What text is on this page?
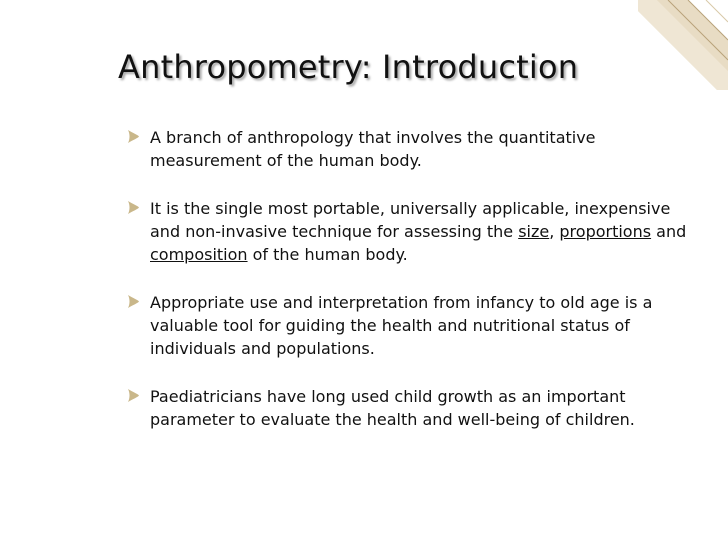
Anthropometry: Introduction
A branch of anthropology that involves the quantitative measurement of the human body.
It is the single most portable, universally applicable, inexpensive and non-invasive technique for assessing the size, proportions and composition of the human body.
Appropriate use and interpretation from infancy to old age is a valuable tool for guiding the health and nutritional status of individuals and populations.
Paediatricians have long used child growth as an important parameter to evaluate the health and well-being of children.
